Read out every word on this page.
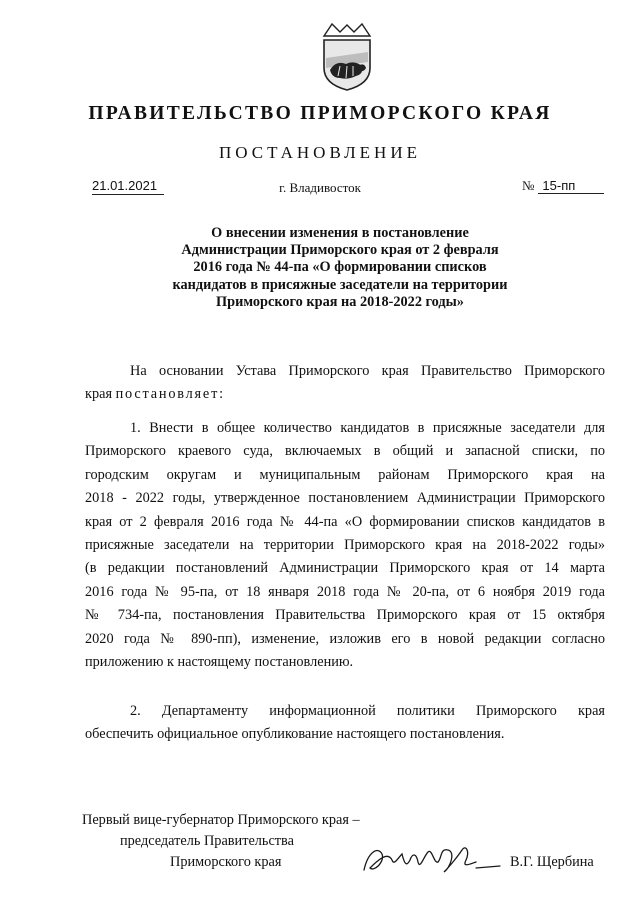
ПРАВИТЕЛЬСТВО ПРИМОРСКОГО КРАЯ
ПОСТАНОВЛЕНИЕ
21.01.2021	г. Владивосток	№ 15-пп
О внесении изменения в постановление
Администрации Приморского края от 2 февраля
2016 года № 44-па «О формировании списков
кандидатов в присяжные заседатели на территории
Приморского края на 2018-2022 годы»
На основании Устава Приморского края Правительство Приморского
края постановляет:
1. Внести в общее количество кандидатов в присяжные заседатели для
Приморского краевого суда, включаемых в общий и запасной списки, по
городским округам и муниципальным районам Приморского края на
2018 - 2022 годы, утвержденное постановлением Администрации Приморского
края от 2 февраля 2016 года № 44-па «О формировании списков кандидатов в
присяжные заседатели на территории Приморского края на 2018-2022 годы»
(в редакции постановлений Администрации Приморского края от 14 марта
2016 года № 95-па, от 18 января 2018 года № 20-па, от 6 ноября 2019 года
№ 734-па, постановления Правительства Приморского края от 15 октября
2020 года № 890-пп), изменение, изложив его в новой редакции согласно
приложению к настоящему постановлению.
2. Департаменту информационной политики Приморского края
обеспечить официальное опубликование настоящего постановления.
Первый вице-губернатор Приморского края –
председатель Правительства
Приморского края	В.Г. Щербина
